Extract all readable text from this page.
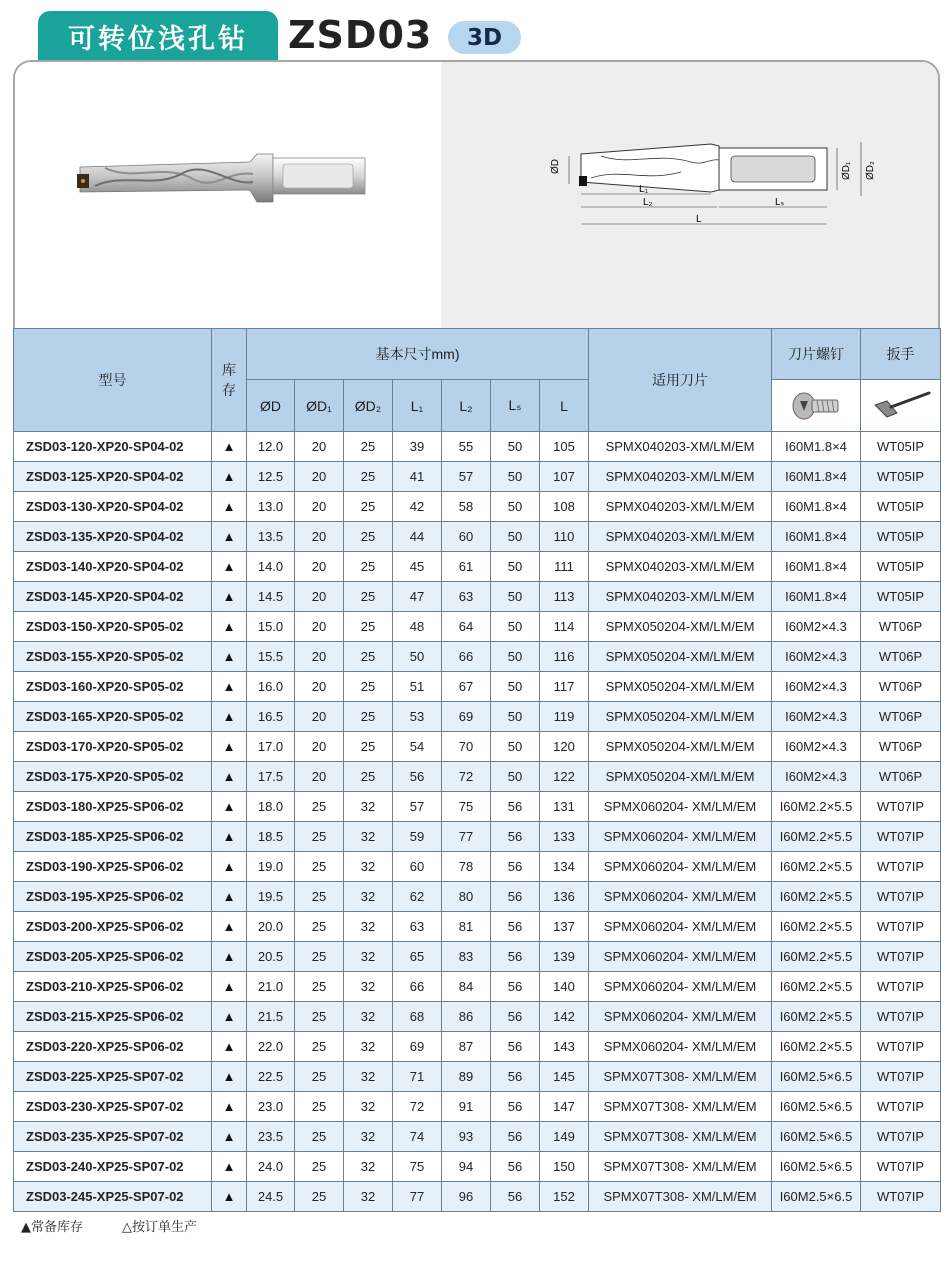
可转位浅孔钻	ZSD03	3D
ØD
L₁
L₂	Lₛ
L
ØD₁ ØD₂
型号	库存	基本尺寸mm)							适用刀片	刀片螺钉	扳手
		ØD	ØD₁	ØD₂	L₁	L₂	Lₛ	L	

ZSD03-120-XP20-SP04-02	▲	12.0	20	25	39	55	50	105	SPMX040203-XM/LM/EM	I60M1.8×4	WT05IP
ZSD03-125-XP20-SP04-02	▲	12.5	20	25	41	57	50	107	SPMX040203-XM/LM/EM	I60M1.8×4	WT05IP
ZSD03-130-XP20-SP04-02	▲	13.0	20	25	42	58	50	108	SPMX040203-XM/LM/EM	I60M1.8×4	WT05IP
ZSD03-135-XP20-SP04-02	▲	13.5	20	25	44	60	50	110	SPMX040203-XM/LM/EM	I60M1.8×4	WT05IP
ZSD03-140-XP20-SP04-02	▲	14.0	20	25	45	61	50	111	SPMX040203-XM/LM/EM	I60M1.8×4	WT05IP
ZSD03-145-XP20-SP04-02	▲	14.5	20	25	47	63	50	113	SPMX040203-XM/LM/EM	I60M1.8×4	WT05IP
ZSD03-150-XP20-SP05-02	▲	15.0	20	25	48	64	50	114	SPMX050204-XM/LM/EM	I60M2×4.3	WT06P
ZSD03-155-XP20-SP05-02	▲	15.5	20	25	50	66	50	116	SPMX050204-XM/LM/EM	I60M2×4.3	WT06P
ZSD03-160-XP20-SP05-02	▲	16.0	20	25	51	67	50	117	SPMX050204-XM/LM/EM	I60M2×4.3	WT06P
ZSD03-165-XP20-SP05-02	▲	16.5	20	25	53	69	50	119	SPMX050204-XM/LM/EM	I60M2×4.3	WT06P
ZSD03-170-XP20-SP05-02	▲	17.0	20	25	54	70	50	120	SPMX050204-XM/LM/EM	I60M2×4.3	WT06P
ZSD03-175-XP20-SP05-02	▲	17.5	20	25	56	72	50	122	SPMX050204-XM/LM/EM	I60M2×4.3	WT06P
ZSD03-180-XP25-SP06-02	▲	18.0	25	32	57	75	56	131	SPMX060204- XM/LM/EM	I60M2.2×5.5	WT07IP
ZSD03-185-XP25-SP06-02	▲	18.5	25	32	59	77	56	133	SPMX060204- XM/LM/EM	I60M2.2×5.5	WT07IP
ZSD03-190-XP25-SP06-02	▲	19.0	25	32	60	78	56	134	SPMX060204- XM/LM/EM	I60M2.2×5.5	WT07IP
ZSD03-195-XP25-SP06-02	▲	19.5	25	32	62	80	56	136	SPMX060204- XM/LM/EM	I60M2.2×5.5	WT07IP
ZSD03-200-XP25-SP06-02	▲	20.0	25	32	63	81	56	137	SPMX060204- XM/LM/EM	I60M2.2×5.5	WT07IP
ZSD03-205-XP25-SP06-02	▲	20.5	25	32	65	83	56	139	SPMX060204- XM/LM/EM	I60M2.2×5.5	WT07IP
ZSD03-210-XP25-SP06-02	▲	21.0	25	32	66	84	56	140	SPMX060204- XM/LM/EM	I60M2.2×5.5	WT07IP
ZSD03-215-XP25-SP06-02	▲	21.5	25	32	68	86	56	142	SPMX060204- XM/LM/EM	I60M2.2×5.5	WT07IP
ZSD03-220-XP25-SP06-02	▲	22.0	25	32	69	87	56	143	SPMX060204- XM/LM/EM	I60M2.2×5.5	WT07IP
ZSD03-225-XP25-SP07-02	▲	22.5	25	32	71	89	56	145	SPMX07T308- XM/LM/EM	I60M2.5×6.5	WT07IP
ZSD03-230-XP25-SP07-02	▲	23.0	25	32	72	91	56	147	SPMX07T308- XM/LM/EM	I60M2.5×6.5	WT07IP
ZSD03-235-XP25-SP07-02	▲	23.5	25	32	74	93	56	149	SPMX07T308- XM/LM/EM	I60M2.5×6.5	WT07IP
ZSD03-240-XP25-SP07-02	▲	24.0	25	32	75	94	56	150	SPMX07T308- XM/LM/EM	I60M2.5×6.5	WT07IP
ZSD03-245-XP25-SP07-02	▲	24.5	25	32	77	96	56	152	SPMX07T308- XM/LM/EM	I60M2.5×6.5	WT07IP
▲常备库存	△按订单生产
